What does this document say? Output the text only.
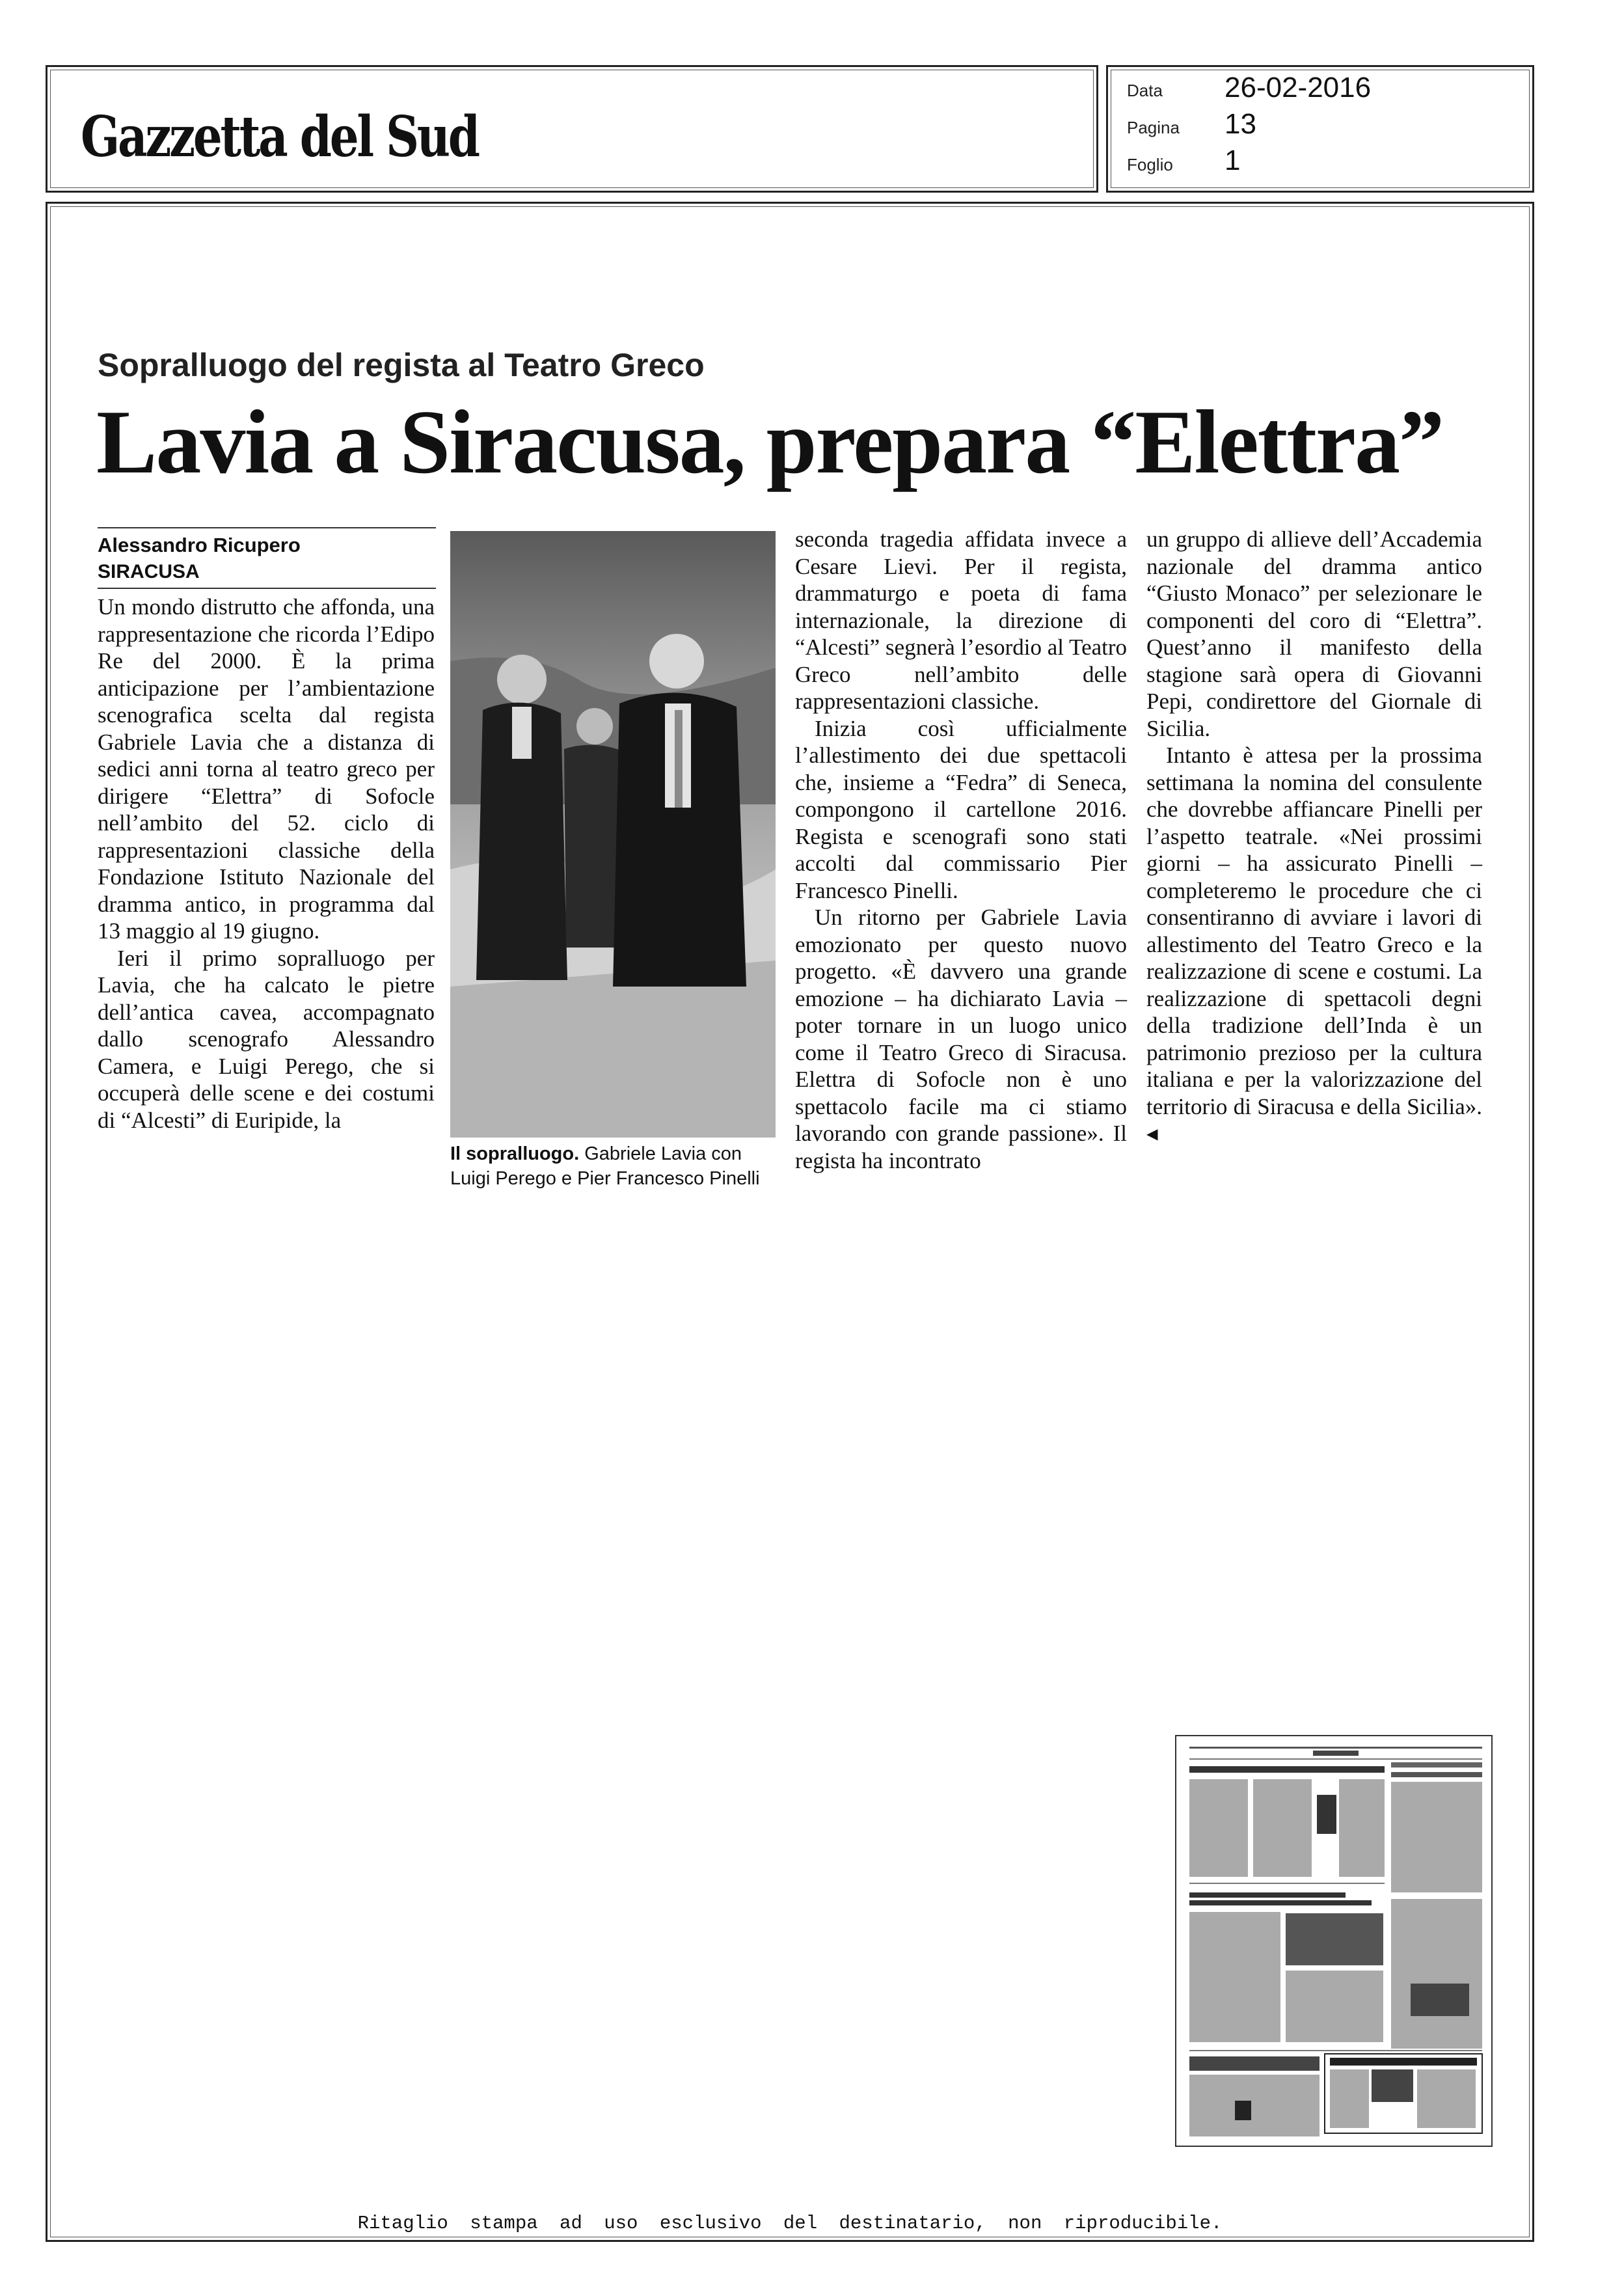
Gazzetta del Sud
Data 26-02-2016
Pagina 13
Foglio 1
Sopralluogo del regista al Teatro Greco
Lavia a Siracusa, prepara “Elettra”
Alessandro Ricupero
SIRACUSA

Un mondo distrutto che affonda, una rappresentazione che ricorda l’Edipo Re del 2000. È la prima anticipazione per l’ambientazione scenografica scelta dal regista Gabriele Lavia che a distanza di sedici anni torna al teatro greco per dirigere “Elettra” di Sofocle nell’ambito del 52. ciclo di rappresentazioni classiche della Fondazione Istituto Nazionale del dramma antico, in programma dal 13 maggio al 19 giugno.

Ieri il primo sopralluogo per Lavia, che ha calcato le pietre dell’antica cavea, accompagnato dallo scenografo Alessandro Camera, e Luigi Perego, che si occuperà delle scene e dei costumi di “Alcesti” di Euripide, la

Il sopralluogo. Gabriele Lavia con Luigi Perego e Pier Francesco Pinelli

seconda tragedia affidata invece a Cesare Lievi. Per il regista, drammaturgo e poeta di fama internazionale, la direzione di “Alcesti” segnerà l’esordio al Teatro Greco nell’ambito delle rappresentazioni classiche.

Inizia così ufficialmente l’allestimento dei due spettacoli che, insieme a “Fedra” di Seneca, compongono il cartellone 2016. Regista e scenografi sono stati accolti dal commissario Pier Francesco Pinelli.

Un ritorno per Gabriele Lavia emozionato per questo nuovo progetto. «È davvero una grande emozione – ha dichiarato Lavia – poter tornare in un luogo unico come il Teatro Greco di Siracusa. Elettra di Sofocle non è uno spettacolo facile ma ci stiamo lavorando con grande passione». Il regista ha incontrato

un gruppo di allieve dell’Accademia nazionale del dramma antico “Giusto Monaco” per selezionare le componenti del coro di “Elettra”. Quest’anno il manifesto della stagione sarà opera di Giovanni Pepi, condirettore del Giornale di Sicilia.

Intanto è attesa per la prossima settimana la nomina del consulente che dovrebbe affiancare Pinelli per l’aspetto teatrale. «Nei prossimi giorni – ha assicurato Pinelli – completeremo le procedure che ci consentiranno di avviare i lavori di allestimento del Teatro Greco e la realizzazione di scene e costumi. La realizzazione di spettacoli degni della tradizione dell’Inda è un patrimonio prezioso per la cultura italiana e per la valorizzazione del territorio di Siracusa e della Sicilia». ◂

Ritaglio stampa ad uso esclusivo del destinatario, non riproducibile.
